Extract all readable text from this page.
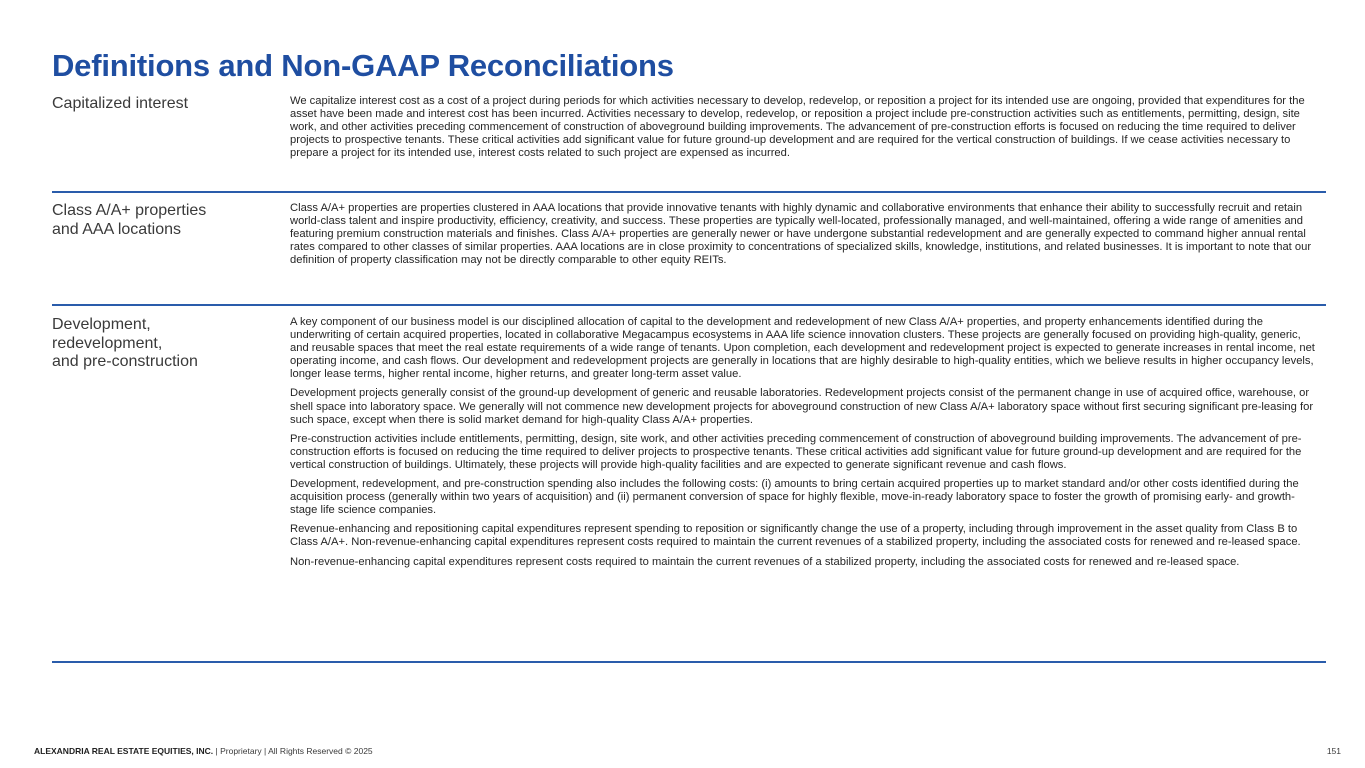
Definitions and Non-GAAP Reconciliations
Capitalized interest	We capitalize interest cost as a cost of a project during periods for which activities necessary to develop, redevelop, or reposition a project for its intended use are ongoing, provided that expenditures for the asset have been made and interest cost has been incurred. Activities necessary to develop, redevelop, or reposition a project include pre-construction activities such as entitlements, permitting, design, site work, and other activities preceding commencement of construction of aboveground building improvements. The advancement of pre-construction efforts is focused on reducing the time required to deliver projects to prospective tenants. These critical activities add significant value for future ground-up development and are required for the vertical construction of buildings. If we cease activities necessary to prepare a project for its intended use, interest costs related to such project are expensed as incurred.

Class A/A+ properties
and AAA locations

Class A/A+ properties are properties clustered in AAA locations that provide innovative tenants with highly dynamic and collaborative environments that enhance their ability to successfully recruit and retain world-class talent and inspire productivity, efficiency, creativity, and success. These properties are typically well-located, professionally managed, and well-maintained, offering a wide range of amenities and featuring premium construction materials and finishes. Class A/A+ properties are generally newer or have undergone substantial redevelopment and are generally expected to command higher annual rental rates compared to other classes of similar properties. AAA locations are in close proximity to concentrations of specialized skills, knowledge, institutions, and related businesses. It is important to note that our definition of property classification may not be directly comparable to other equity REITs.

Development,
redevelopment,
and pre-construction

A key component of our business model is our disciplined allocation of capital to the development and redevelopment of new Class A/A+ properties, and property enhancements identified during the underwriting of certain acquired properties, located in collaborative Megacampus ecosystems in AAA life science innovation clusters. These projects are generally focused on providing high-quality, generic, and reusable spaces that meet the real estate requirements of a wide range of tenants. Upon completion, each development and redevelopment project is expected to generate increases in rental income, net operating income, and cash flows. Our development and redevelopment projects are generally in locations that are highly desirable to high-quality entities, which we believe results in higher occupancy levels, longer lease terms, higher rental income, higher returns, and greater long-term asset value.

Development projects generally consist of the ground-up development of generic and reusable laboratories. Redevelopment projects consist of the permanent change in use of acquired office, warehouse, or shell space into laboratory space. We generally will not commence new development projects for aboveground construction of new Class A/A+ laboratory space without first securing significant pre-leasing for such space, except when there is solid market demand for high-quality Class A/A+ properties.

Pre-construction activities include entitlements, permitting, design, site work, and other activities preceding commencement of construction of aboveground building improvements. The advancement of pre-construction efforts is focused on reducing the time required to deliver projects to prospective tenants. These critical activities add significant value for future ground-up development and are required for the vertical construction of buildings. Ultimately, these projects will provide high-quality facilities and are expected to generate significant revenue and cash flows.

Development, redevelopment, and pre-construction spending also includes the following costs: (i) amounts to bring certain acquired properties up to market standard and/or other costs identified during the acquisition process (generally within two years of acquisition) and (ii) permanent conversion of space for highly flexible, move-in-ready laboratory space to foster the growth of promising early- and growth-stage life science companies.

Revenue-enhancing and repositioning capital expenditures represent spending to reposition or significantly change the use of a property, including through improvement in the asset quality from Class B to Class A/A+. Non-revenue-enhancing capital expenditures represent costs required to maintain the current revenues of a stabilized property, including the associated costs for renewed and re-leased space.

Non-revenue-enhancing capital expenditures represent costs required to maintain the current revenues of a stabilized property, including the associated costs for renewed and re-leased space.

ALEXANDRIA REAL ESTATE EQUITIES, INC. | Proprietary | All Rights Reserved © 2025	151
